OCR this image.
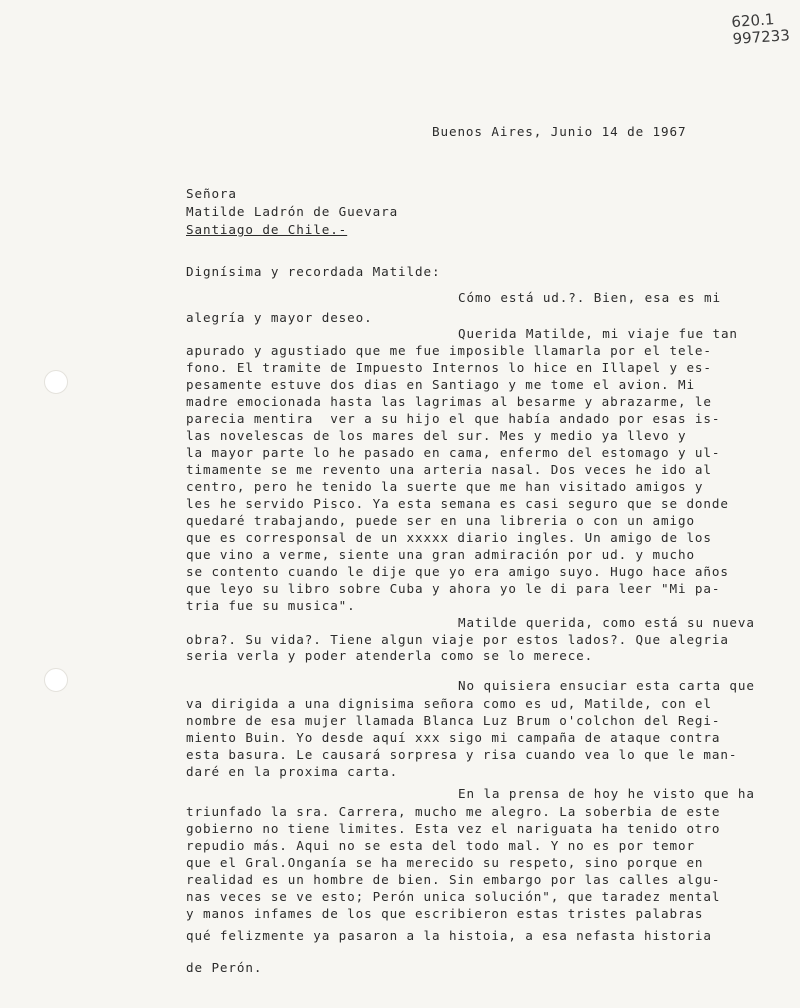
620.1
997233
Buenos Aires, Junio 14 de 1967
Señora
Matilde Ladrón de Guevara
Santiago de Chile.-
Dignísima y recordada Matilde:
Cómo está ud.?. Bien, esa es mi
alegría y mayor deseo.
Querida Matilde, mi viaje fue tan
apurado y agustiado que me fue imposible llamarla por el tele-
fono. El tramite de Impuesto Internos lo hice en Illapel y es-
pesamente estuve dos dias en Santiago y me tome el avion. Mi
madre emocionada hasta las lagrimas al besarme y abrazarme, le
parecia mentira  ver a su hijo el que había andado por esas is-
las novelescas de los mares del sur. Mes y medio ya llevo y
la mayor parte lo he pasado en cama, enfermo del estomago y ul-
timamente se me revento una arteria nasal. Dos veces he ido al
centro, pero he tenido la suerte que me han visitado amigos y
les he servido Pisco. Ya esta semana es casi seguro que se donde
quedaré trabajando, puede ser en una libreria o con un amigo
que es corresponsal de un xxxxx diario ingles. Un amigo de los
que vino a verme, siente una gran admiración por ud. y mucho
se contento cuando le dije que yo era amigo suyo. Hugo hace años
que leyo su libro sobre Cuba y ahora yo le di para leer "Mi pa-
tria fue su musica".
Matilde querida, como está su nueva
obra?. Su vida?. Tiene algun viaje por estos lados?. Que alegria
seria verla y poder atenderla como se lo merece.
No quisiera ensuciar esta carta que
va dirigida a una dignisima señora como es ud, Matilde, con el
nombre de esa mujer llamada Blanca Luz Brum o'colchon del Regi-
miento Buin. Yo desde aquí xxx sigo mi campaña de ataque contra
esta basura. Le causará sorpresa y risa cuando vea lo que le man-
daré en la proxima carta.
En la prensa de hoy he visto que ha
triunfado la sra. Carrera, mucho me alegro. La soberbia de este
gobierno no tiene limites. Esta vez el nariguata ha tenido otro
repudio más. Aqui no se esta del todo mal. Y no es por temor
que el Gral.Onganía se ha merecido su respeto, sino porque en
realidad es un hombre de bien. Sin embargo por las calles algu-
nas veces se ve esto; Perón unica solución", que taradez mental
y manos infames de los que escribieron estas tristes palabras
qué felizmente ya pasaron a la histoia, a esa nefasta historia
de Perón.
